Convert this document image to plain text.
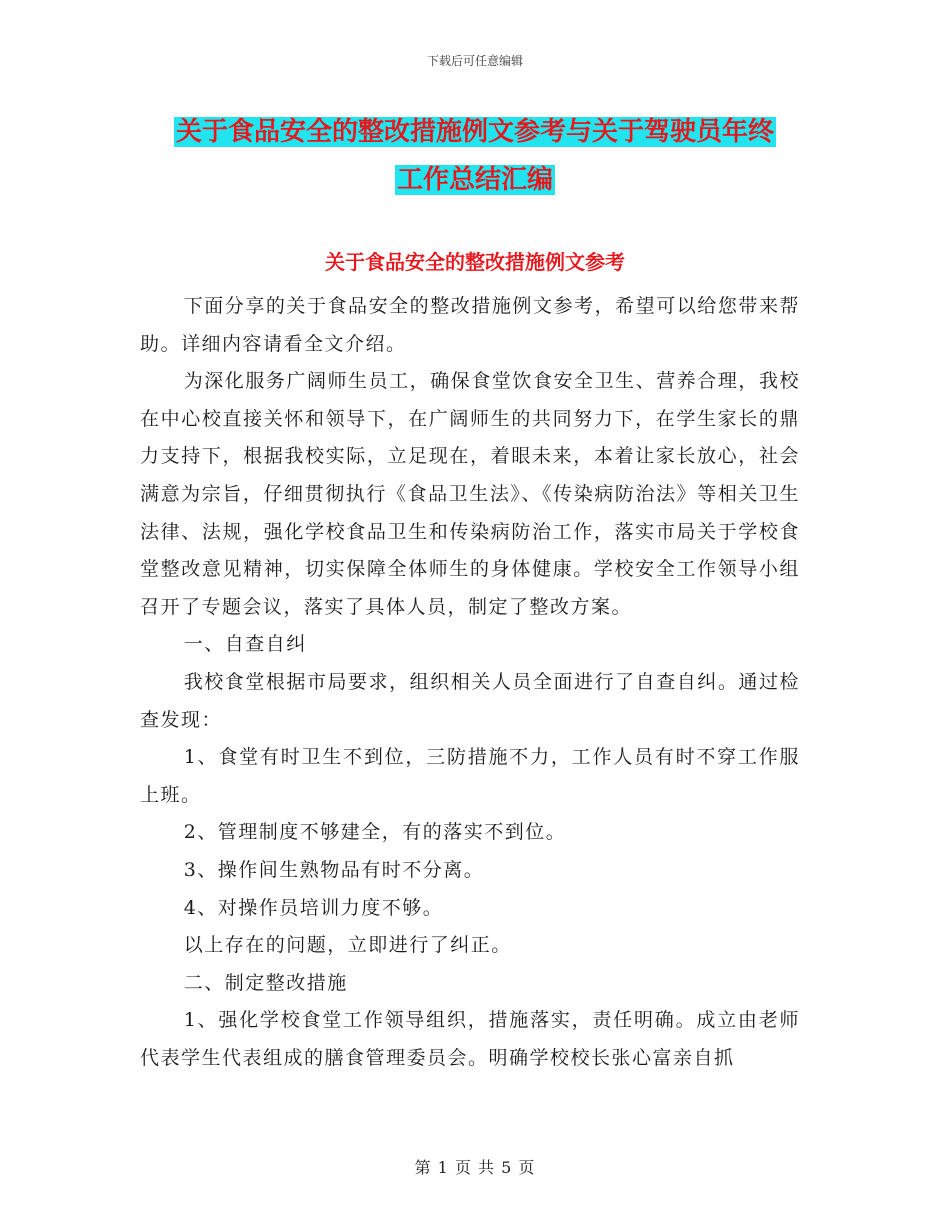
下载后可任意编辑
关于食品安全的整改措施例文参考与关于驾驶员年终
工作总结汇编
关于食品安全的整改措施例文参考

下面分享的关于食品安全的整改措施例文参考，希望可以给您带来帮助。详细内容请看全文介绍。

为深化服务广阔师生员工，确保食堂饮食安全卫生、营养合理，我校在中心校直接关怀和领导下，在广阔师生的共同努力下，在学生家长的鼎力支持下，根据我校实际，立足现在，着眼未来，本着让家长放心，社会满意为宗旨，仔细贯彻执行《食品卫生法》、《传染病防治法》等相关卫生法律、法规，强化学校食品卫生和传染病防治工作，落实市局关于学校食堂整改意见精神，切实保障全体师生的身体健康。学校安全工作领导小组召开了专题会议，落实了具体人员，制定了整改方案。

一、自查自纠

我校食堂根据市局要求，组织相关人员全面进行了自查自纠。通过检查发现：

1、食堂有时卫生不到位，三防措施不力，工作人员有时不穿工作服上班。

2、管理制度不够建全，有的落实不到位。

3、操作间生熟物品有时不分离。

4、对操作员培训力度不够。

以上存在的问题，立即进行了纠正。

二、制定整改措施

1、强化学校食堂工作领导组织，措施落实，责任明确。成立由老师代表学生代表组成的膳食管理委员会。明确学校校长张心富亲自抓

第 1 页 共 5 页
